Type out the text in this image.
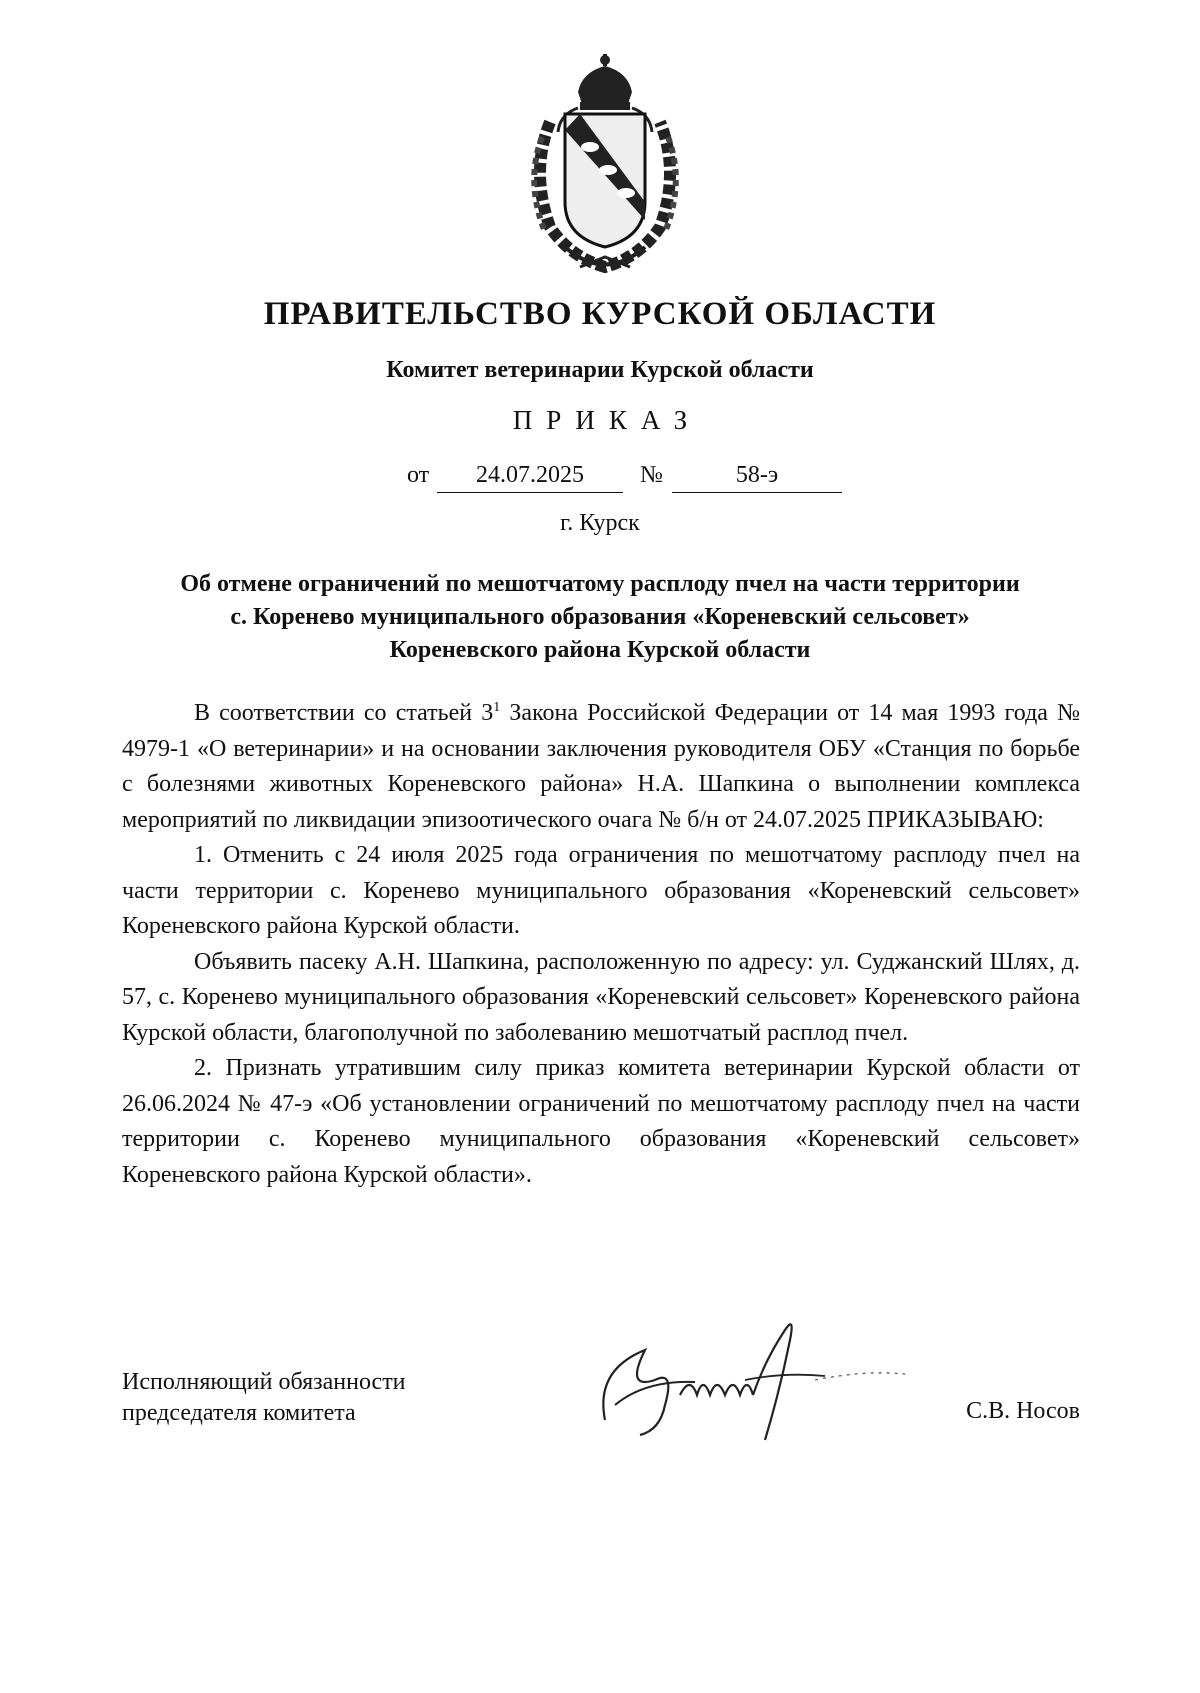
ПРАВИТЕЛЬСТВО КУРСКОЙ ОБЛАСТИ
Комитет ветеринарии Курской области
ПРИКАЗ
от	24.07.2025	№	58-э
г. Курск
Об отмене ограничений по мешотчатому расплоду пчел на части территории
с. Коренево муниципального образования «Кореневский сельсовет»
Кореневского района Курской области

В соответствии со статьей $3^1$ Закона Российской Федерации от 14 мая 1993 года № 4979-1 «О ветеринарии» и на основании заключения руководителя ОБУ «Станция по борьбе с болезнями животных Кореневского района» Н.А. Шапкина о выполнении комплекса мероприятий по ликвидации эпизоотического очага № б/н от 24.07.2025 ПРИКАЗЫВАЮ:

1. Отменить с 24 июля 2025 года ограничения по мешотчатому расплоду пчел на части территории с. Коренево муниципального образования «Кореневский сельсовет» Кореневского района Курской области.

Объявить пасеку А.Н. Шапкина, расположенную по адресу: ул. Суджанский Шлях, д. 57, с. Коренево муниципального образования «Кореневский сельсовет» Кореневского района Курской области, благополучной по заболеванию мешотчатый расплод пчел.

2. Признать утратившим силу приказ комитета ветеринарии Курской области от 26.06.2024 № 47-э «Об установлении ограничений по мешотчатому расплоду пчел на части территории с. Коренево муниципального образования «Кореневский сельсовет» Кореневского района Курской области».

Исполняющий обязанности
председателя комитета	С.В. Носов
